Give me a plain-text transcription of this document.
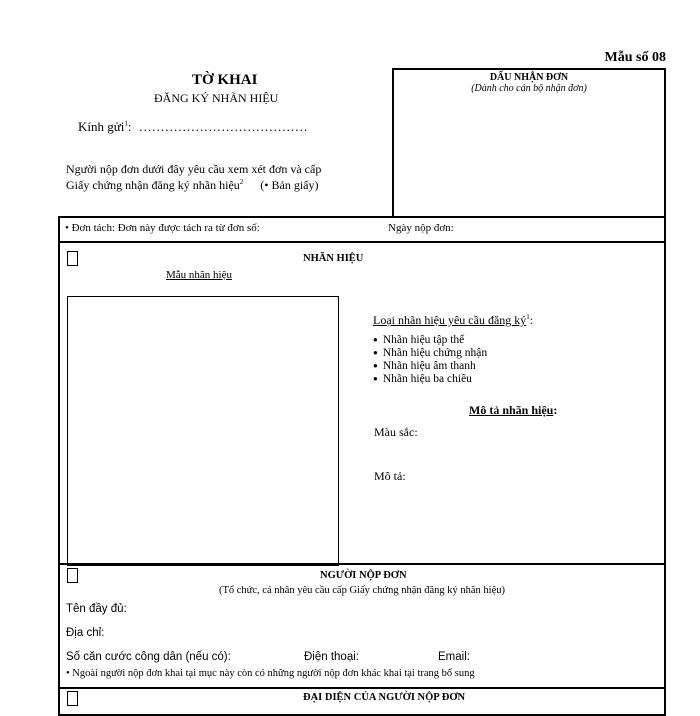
Mẫu số 08
TỜ KHAI
ĐĂNG KÝ NHÃN HIỆU
Kính gửi$^1$: …………………………………
Người nộp đơn dưới đây yêu cầu xem xét đơn và cấp
Giấy chứng nhận đăng ký nhãn hiệu$^2$ (• Bản giấy)
DẤU NHẬN ĐƠN
(Dành cho cán bộ nhận đơn)
• Đơn tách: Đơn này được tách ra từ đơn số:	Ngày nộp đơn:
NHÃN HIỆU
Mẫu nhãn hiệu
Loại nhãn hiệu yêu cầu đăng $ký^1$:
● Nhãn hiệu tập thể
● Nhãn hiệu chứng nhận
● Nhãn hiệu âm thanh
● Nhãn hiệu ba chiều
Mô tả nhãn hiệu:
Màu sắc:
Mô tả:
NGƯỜI NỘP ĐƠN
(Tổ chức, cá nhân yêu cầu cấp Giấy chứng nhận đăng ký nhãn hiệu)
Tên đầy đủ:
Địa chỉ:
Số căn cước công dân (nếu có):	Điện thoại:	Email:
• Ngoài người nộp đơn khai tại mục này còn có những người nộp đơn khác khai tại trang bổ sung
ĐẠI DIỆN CỦA NGƯỜI NỘP ĐƠN
